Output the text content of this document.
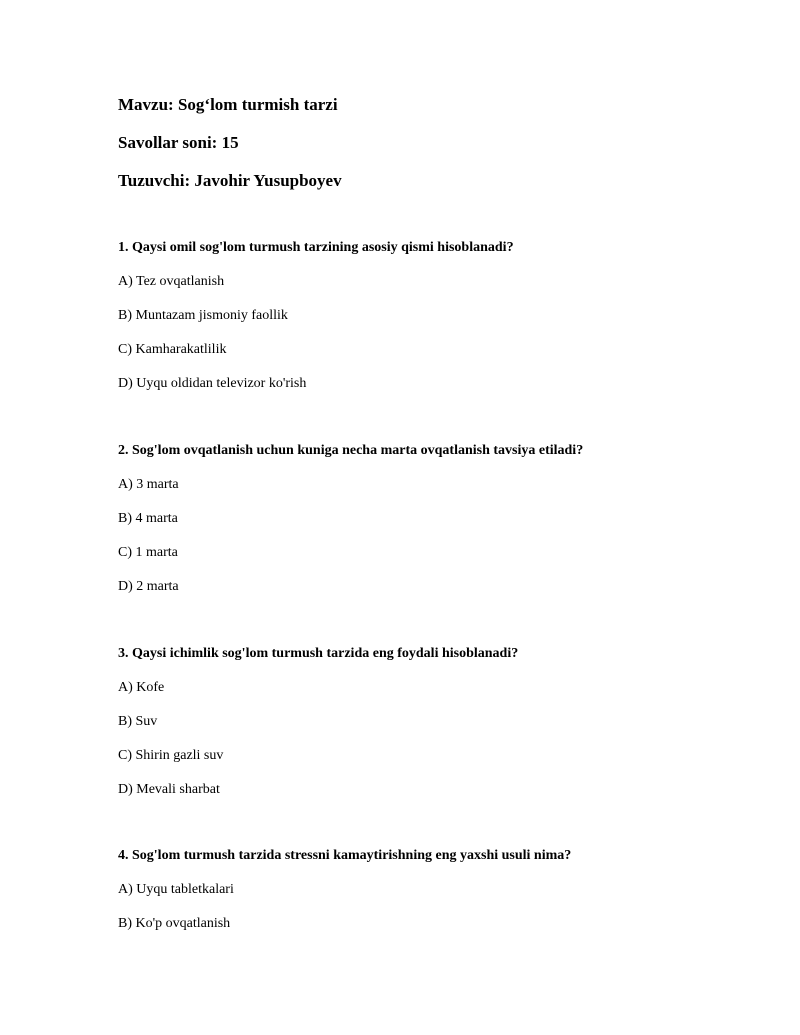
Mavzu: Sog‘lom turmish tarzi
Savollar soni: 15
Tuzuvchi: Javohir Yusupboyev
1. Qaysi omil sog'lom turmush tarzining asosiy qismi hisoblanadi?
A) Tez ovqatlanish
B) Muntazam jismoniy faollik
C) Kamharakatlilik
D) Uyqu oldidan televizor ko'rish
2. Sog'lom ovqatlanish uchun kuniga necha marta ovqatlanish tavsiya etiladi?
A) 3 marta
B) 4 marta
C) 1 marta
D) 2 marta
3. Qaysi ichimlik sog'lom turmush tarzida eng foydali hisoblanadi?
A) Kofe
B) Suv
C) Shirin gazli suv
D) Mevali sharbat
4. Sog'lom turmush tarzida stressni kamaytirishning eng yaxshi usuli nima?
A) Uyqu tabletkalari
B) Ko'p ovqatlanish
